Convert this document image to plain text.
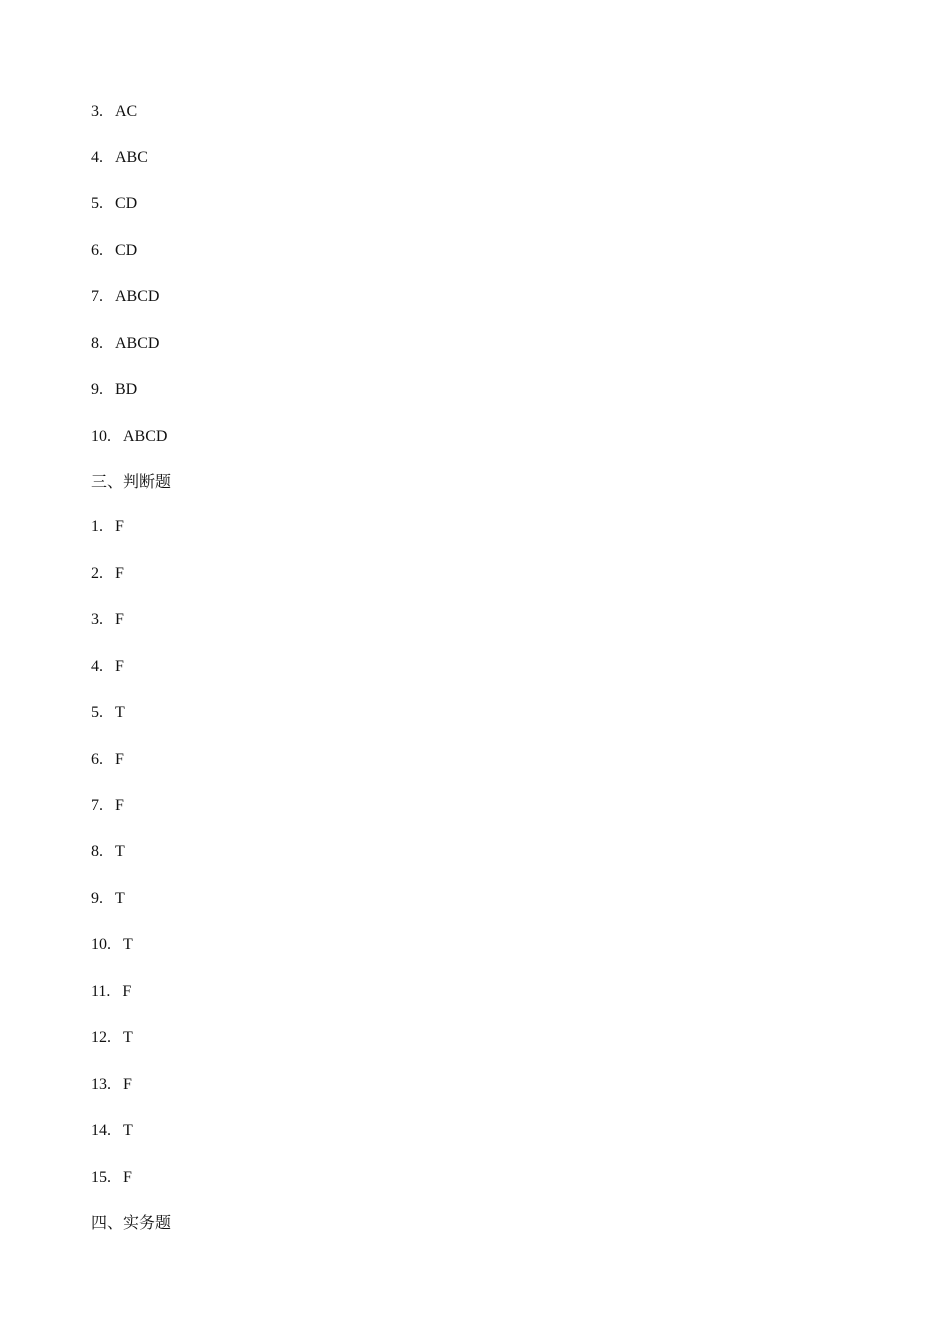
3. AC
4. ABC
5. CD
6. CD
7. ABCD
8. ABCD
9. BD
10. ABCD
三、判断题
1. F
2. F
3. F
4. F
5. T
6. F
7. F
8. T
9. T
10. T
11. F
12. T
13. F
14. T
15. F
四、实务题
